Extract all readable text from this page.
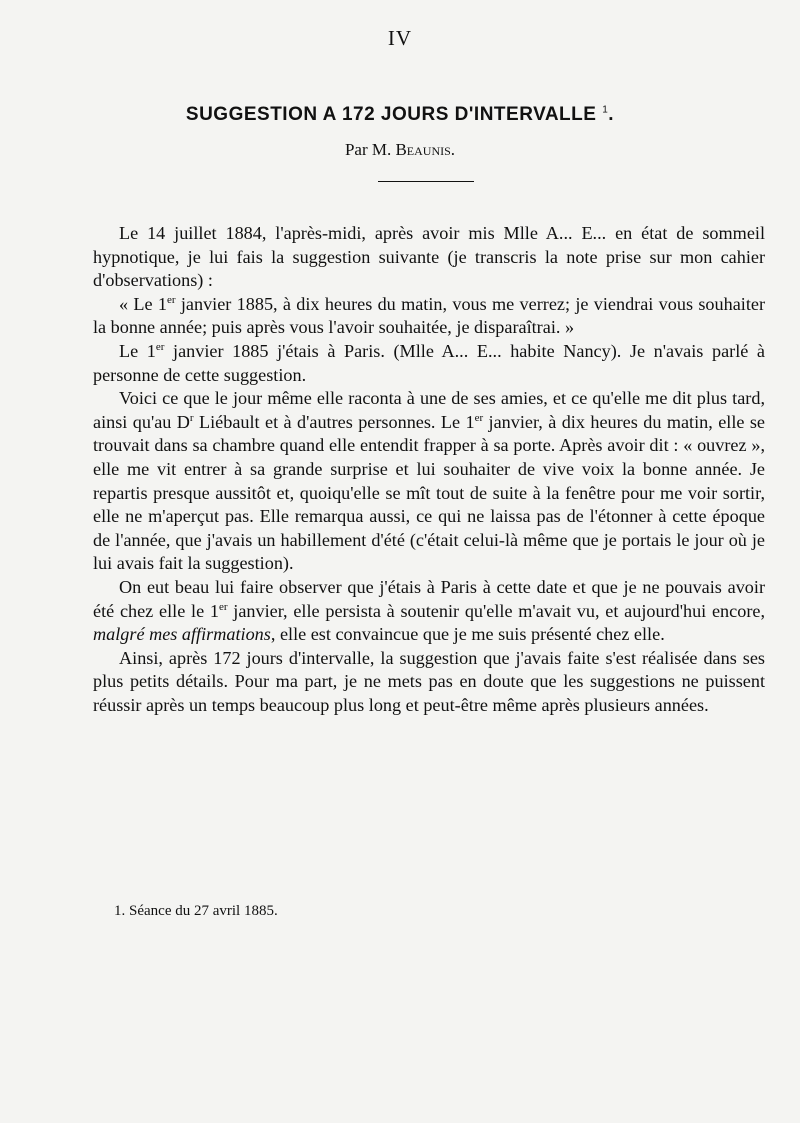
IV
SUGGESTION A 172 JOURS D'INTERVALLE $^1$.
Par M. Beaunis.

Le 14 juillet 1884, l'après-midi, après avoir mis Mlle A... E... en état de sommeil hypnotique, je lui fais la suggestion suivante (je transcris la note prise sur mon cahier d'observations) :

« Le 1er janvier 1885, à dix heures du matin, vous me verrez; je viendrai vous souhaiter la bonne année; puis après vous l'avoir souhaitée, je disparaîtrai. »

Le 1er janvier 1885 j'étais à Paris. (Mlle A... E... habite Nancy). Je n'avais parlé à personne de cette suggestion.

Voici ce que le jour même elle raconta à une de ses amies, et ce qu'elle me dit plus tard, ainsi qu'au $D^r$ Liébault et à d'autres personnes. Le 1er janvier, à dix heures du matin, elle se trouvait dans sa chambre quand elle entendit frapper à sa porte. Après avoir dit : « ouvrez », elle me vit entrer à sa grande surprise et lui souhaiter de vive voix la bonne année. Je repartis presque aussitôt et, quoiqu'elle se mît tout de suite à la fenêtre pour me voir sortir, elle ne m'aperçut pas. Elle remarqua aussi, ce qui ne laissa pas de l'étonner à cette époque de l'année, que j'avais un habillement d'été (c'était celui-là même que je portais le jour où je lui avais fait la suggestion).

On eut beau lui faire observer que j'étais à Paris à cette date et que je ne pouvais avoir été chez elle le 1er janvier, elle persista à soutenir qu'elle m'avait vu, et aujourd'hui encore, malgré mes affirmations, elle est convaincue que je me suis présenté chez elle.

Ainsi, après 172 jours d'intervalle, la suggestion que j'avais faite s'est réalisée dans ses plus petits détails. Pour ma part, je ne mets pas en doute que les suggestions ne puissent réussir après un temps beaucoup plus long et peut-être même après plusieurs années.

1. Séance du 27 avril 1885.
